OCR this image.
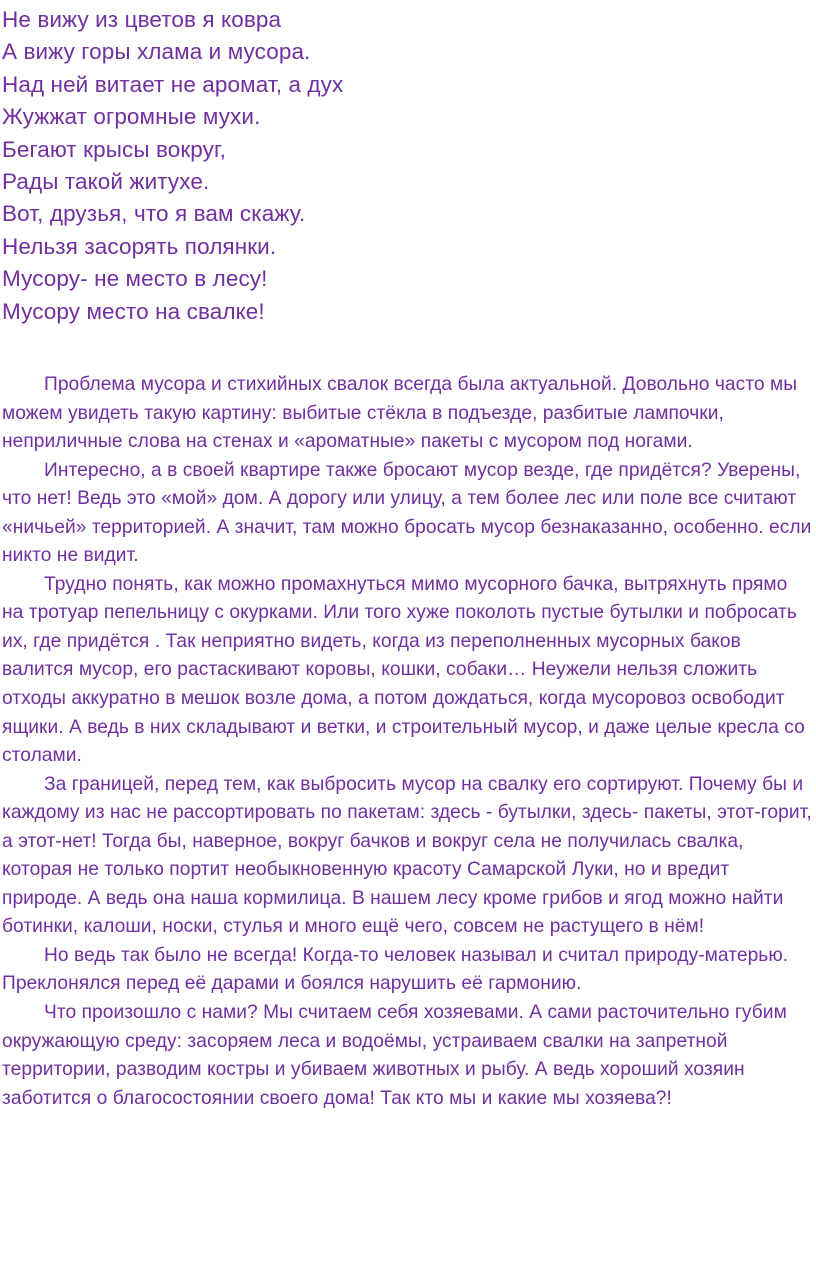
Не вижу из цветов я ковра
А вижу горы хлама и мусора.
Над ней витает не аромат, а дух
Жужжат огромные мухи.
Бегают крысы вокруг,
Рады такой житухе.
Вот, друзья, что я вам скажу.
Нельзя засорять полянки.
Мусору- не место в лесу!
Мусору место на свалке!

Проблема мусора и стихийных свалок всегда была актуальной. Довольно часто мы можем увидеть такую картину: выбитые стёкла в подъезде, разбитые лампочки, неприличные слова на стенах и «ароматные» пакеты с мусором под ногами.

Интересно, а в своей квартире также бросают мусор везде, где придётся? Уверены, что нет! Ведь это «мой» дом. А дорогу или улицу, а тем более лес или поле все считают «ничьей» территорией. А значит, там можно бросать мусор безнаказанно, особенно. если никто не видит.

Трудно понять, как можно промахнуться мимо мусорного бачка, вытряхнуть прямо на тротуар пепельницу с окурками. Или того хуже поколоть пустые бутылки и побросать их, где придётся . Так неприятно видеть, когда из переполненных мусорных баков валится мусор, его растаскивают коровы, кошки, собаки… Неужели нельзя сложить отходы аккуратно в мешок возле дома, а потом дождаться, когда мусоровоз освободит ящики. А ведь в них складывают и ветки, и строительный мусор, и даже целые кресла со столами.

За границей, перед тем, как выбросить мусор на свалку его сортируют. Почему бы и каждому из нас не рассортировать по пакетам: здесь - бутылки, здесь- пакеты, этот-горит, а этот-нет! Тогда бы, наверное, вокруг бачков и вокруг села не получилась свалка, которая не только портит необыкновенную красоту Самарской Луки, но и вредит природе. А ведь она наша кормилица. В нашем лесу кроме грибов и ягод можно найти ботинки, калоши, носки, стулья и много ещё чего, совсем не растущего в нём!

Но ведь так было не всегда! Когда-то человек называл и считал природу-матерью. Преклонялся перед её дарами и боялся нарушить её гармонию.

Что произошло с нами? Мы считаем себя хозяевами. А сами расточительно губим окружающую среду: засоряем леса и водоёмы, устраиваем свалки на запретной территории, разводим костры и убиваем животных и рыбу. А ведь хороший хозяин заботится о благосостоянии своего дома! Так кто мы и какие мы хозяева?!
